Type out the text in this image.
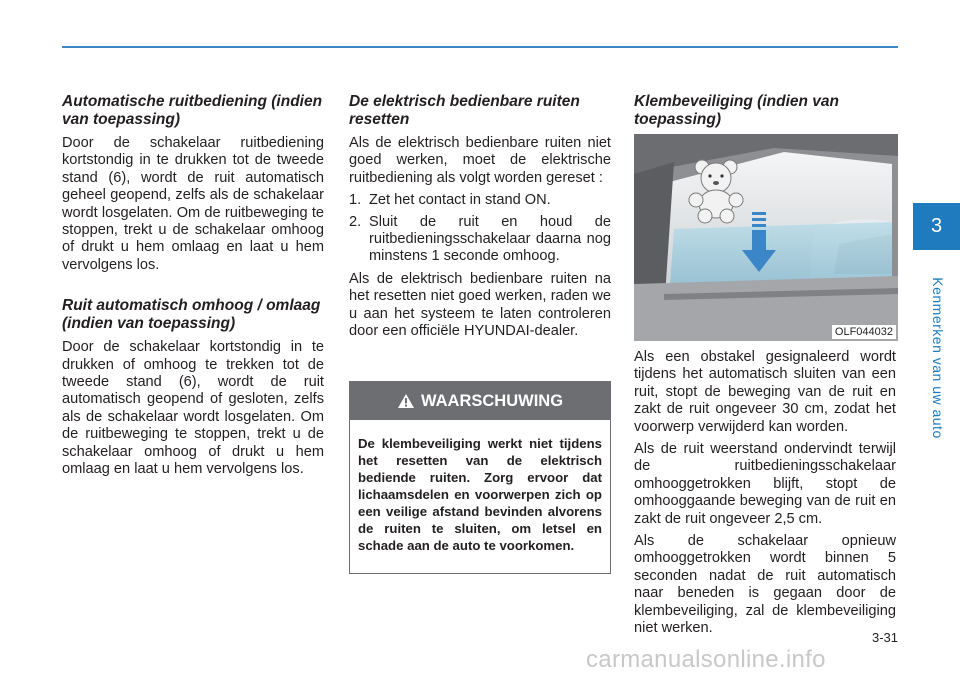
Automatische ruitbediening (indien van toepassing)

Door de schakelaar ruitbediening kortstondig in te drukken tot de tweede stand (6), wordt de ruit automatisch geheel geopend, zelfs als de schakelaar wordt losgelaten. Om de ruitbeweging te stoppen, trekt u de schakelaar omhoog of drukt u hem omlaag en laat u hem vervolgens los.

Ruit automatisch omhoog / omlaag (indien van toepassing)

Door de schakelaar kortstondig in te drukken of omhoog te trekken tot de tweede stand (6), wordt de ruit automatisch geopend of gesloten, zelfs als de schakelaar wordt losgelaten. Om de ruitbeweging te stoppen, trekt u de schakelaar omhoog of drukt u hem omlaag en laat u hem vervolgens los.

De elektrisch bedienbare ruiten resetten

Als de elektrisch bedienbare ruiten niet goed werken, moet de elektrische ruitbediening als volgt worden gereset :

1. Zet het contact in stand ON.
2. Sluit de ruit en houd de ruitbedieningsschakelaar daarna nog minstens 1 seconde omhoog.

Als de elektrisch bedienbare ruiten na het resetten niet goed werken, raden we u aan het systeem te laten controleren door een officiële HYUNDAI-dealer.

WAARSCHUWING
De klembeveiliging werkt niet tijdens het resetten van de elektrisch bediende ruiten. Zorg ervoor dat lichaamsdelen en voorwerpen zich op een veilige afstand bevinden alvorens de ruiten te sluiten, om letsel en schade aan de auto te voorkomen.
Klembeveiliging (indien van toepassing)
OLF044032

Als een obstakel gesignaleerd wordt tijdens het automatisch sluiten van een ruit, stopt de beweging van de ruit en zakt de ruit ongeveer 30 cm, zodat het voorwerp verwijderd kan worden.

Als de ruit weerstand ondervindt terwijl de ruitbedieningsschakelaar omhooggetrokken blijft, stopt de omhooggaande beweging van de ruit en zakt de ruit ongeveer 2,5 cm.

Als de schakelaar opnieuw omhooggetrokken wordt binnen 5 seconden nadat de ruit automatisch naar beneden is gegaan door de klembeveiliging, zal de klembeveiliging niet werken.

3
Kenmerken van uw auto
3-31
carmanualsonline.info
